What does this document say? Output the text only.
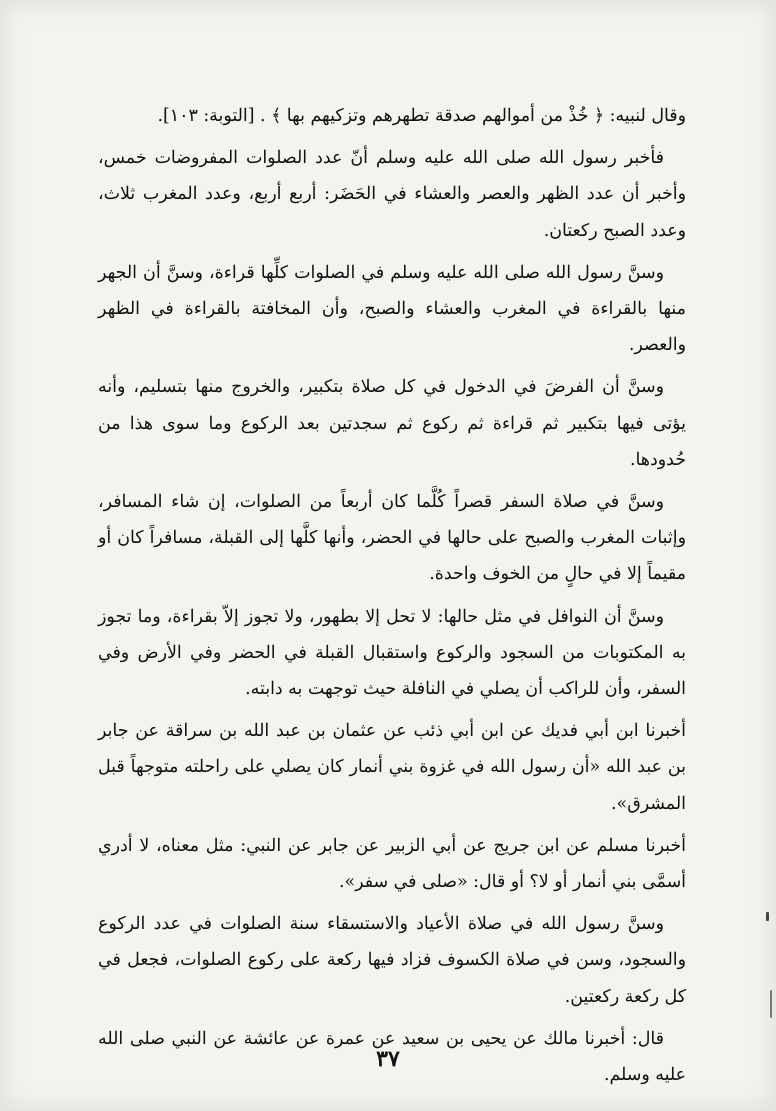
وقال لنبيه: ﴿ خُذْ من أموالهم صدقة تطهرهم وتزكيهم بها ﴾ . [التوبة: ١٠٣].

فأخبر رسول الله صلى الله عليه وسلم أنّ عدد الصلوات المفروضات خمس، وأخبر أن عدد الظهر والعصر والعشاء في الحَضَر: أربع أربع، وعدد المغرب ثلاث، وعدد الصبح ركعتان.

وسنَّ رسول الله صلى الله عليه وسلم في الصلوات كلِّها قراءة، وسنَّ أن الجهر منها بالقراءة في المغرب والعشاء والصبح، وأن المخافتة بالقراءة في الظهر والعصر.

وسنَّ أن الفرضَ في الدخول في كل صلاة بتكبير، والخروج منها بتسليم، وأنه يؤتى فيها بتكبير ثم قراءة ثم ركوع ثم سجدتين بعد الركوع وما سوى هذا من حُدودها.

وسنَّ في صلاة السفر قصراً كُلَّما كان أربعاً من الصلوات، إن شاء المسافر، وإثبات المغرب والصبح على حالها في الحضر، وأنها كلَّها إلى القبلة، مسافراً كان أو مقيماً إلا في حالٍ من الخوف واحدة.

وسنَّ أن النوافل في مثل حالها: لا تحل إلا بطهور، ولا تجوز إلاّ بقراءة، وما تجوز به المكتوبات من السجود والركوع واستقبال القبلة في الحضر وفي الأرض وفي السفر، وأن للراكب أن يصلي في النافلة حيث توجهت به دابته.

أخبرنا ابن أبي فديك عن ابن أبي ذئب عن عثمان بن عبد الله بن سراقة عن جابر بن عبد الله «أن رسول الله في غزوة بني أنمار كان يصلي على راحلته متوجهاً قبل المشرق».

أخبرنا مسلم عن ابن جريج عن أبي الزبير عن جابر عن النبي: مثل معناه، لا أدري أسمَّى بني أنمار أو لا؟ أو قال: «صلى في سفر».

وسنَّ رسول الله في صلاة الأعياد والاستسقاء سنة الصلوات في عدد الركوع والسجود، وسن في صلاة الكسوف فزاد فيها ركعة على ركوع الصلوات، فجعل في كل ركعة ركعتين.

قال: أخبرنا مالك عن يحيى بن سعيد عن عمرة عن عائشة عن النبي صلى الله عليه وسلم.

٣٧
